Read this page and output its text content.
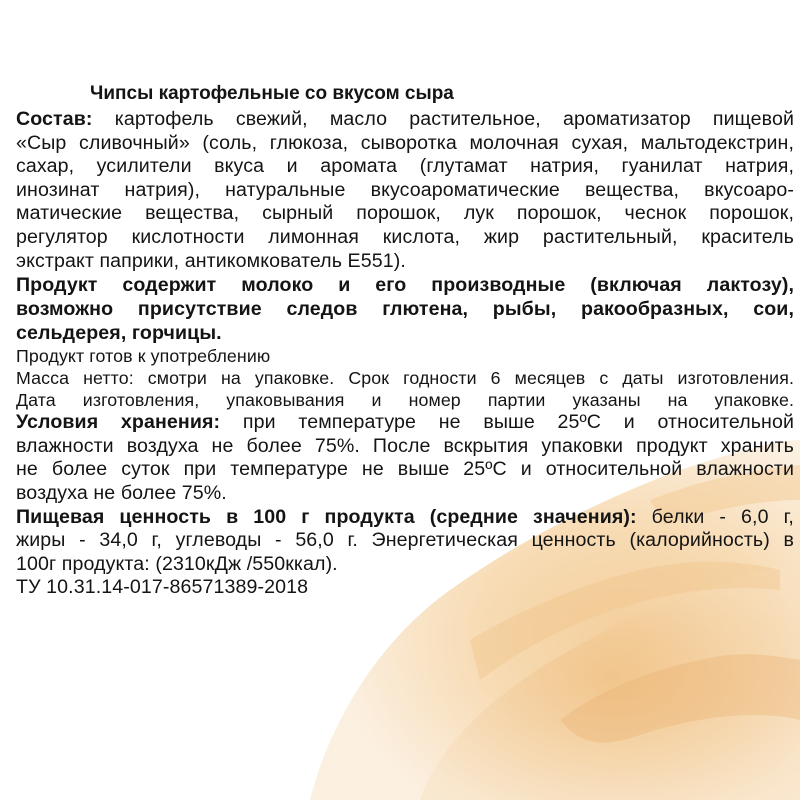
Чипсы картофельные со вкусом сыра
Состав: картофель свежий, масло растительное, ароматизатор пищевой
«Сыр сливочный» (соль, глюкоза, сыворотка молочная сухая, мальтодекстрин,
сахар, усилители вкуса и аромата (глутамат натрия, гуанилат натрия,
инозинат натрия), натуральные вкусоароматические вещества, вкусоаро-
матические вещества, сырный порошок, лук порошок, чеснок порошок,
регулятор кислотности лимонная кислота, жир растительный, краситель
экстракт паприки, антикомкователь Е551).
Продукт содержит молоко и его производные (включая лактозу),
возможно присутствие следов глютена, рыбы, ракообразных, сои,
сельдерея, горчицы.
Продукт готов к употреблению
Масса нетто: смотри на упаковке. Срок годности 6 месяцев с даты изготовления.
Дата изготовления, упаковывания и номер партии указаны на упаковке.
Условия хранения: при температуре не выше 25ºС и относительной
влажности воздуха не более 75%. После вскрытия упаковки продукт хранить
не более суток при температуре не выше 25ºС и относительной влажности
воздуха не более 75%.
Пищевая ценность в 100 г продукта (средние значения): белки - 6,0 г,
жиры - 34,0 г, углеводы - 56,0 г. Энергетическая ценность (калорийность) в
100г продукта: (2310кДж /550ккал).
ТУ 10.31.14-017-86571389-2018
